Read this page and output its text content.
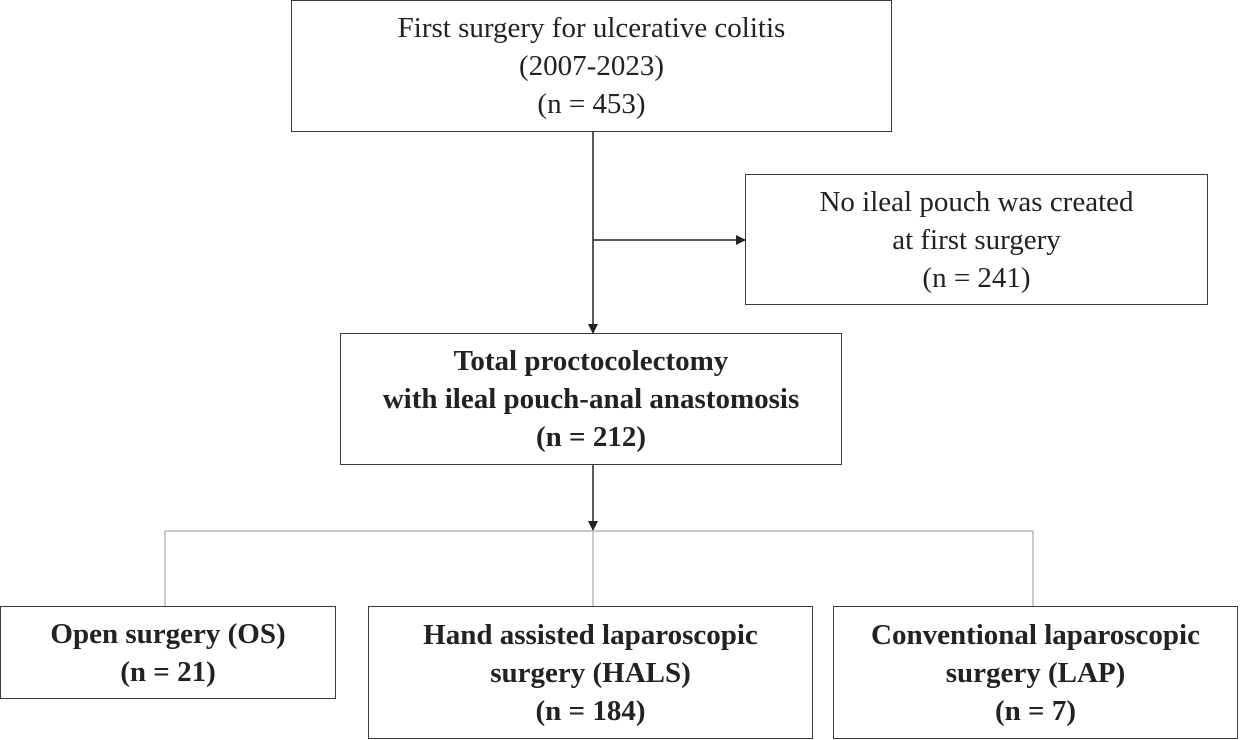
First surgery for ulcerative colitis
(2007-2023)
(n = 453)
No ileal pouch was created
at first surgery
(n = 241)
Total proctocolectomy
with ileal pouch-anal anastomosis
(n = 212)
Open surgery (OS)
(n = 21)
Hand assisted laparoscopic
surgery (HALS)
(n = 184)
Conventional laparoscopic
surgery (LAP)
(n = 7)
